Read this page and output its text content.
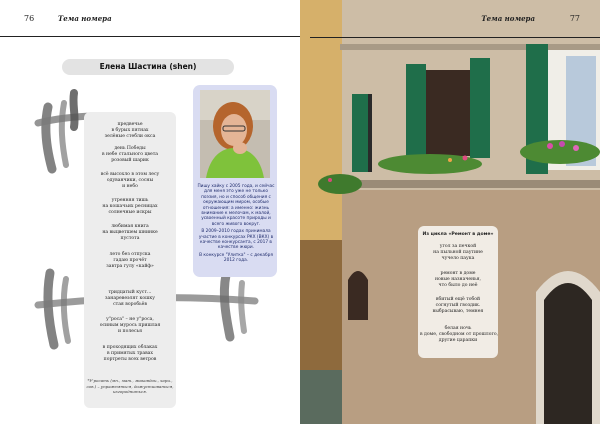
76	Тема номера
Елена Шастина (shen)
предвечье
в бурых пятнах
зелёные стебли окса
день Победы
в небе стального цвета
розовый шарик
всё высохло в этом лесу
одуванчики, сосны
и небо
утренняя тишь
на кошачьих ресницах
солнечные искры
любимая книга
на выцветшем шнинке
пустота
лето без отпуска
гадаю прочёт
завтра гулу «кайф»
тридцатый куст…
занаревеэлят кошку
стая воробьёв
у"роса" – не у"роса,
осиным мурось пришлая
и полесья
в проходящих облаках
в примятых травах
портреты всех ветров
*У'росать (мн., мат., жаковдок., хари., сов.) – упражняться, дожустиоваться, изгородниться.

Пишу хайку с 2005 года, и сейчас для меня это уже не только поэзия, но и способ общения с окружающим миром, особые отношения: а именно: жизнь внимание к мелочам, к малой, усвоенный красоте природы и всего живого вокруг.

В 2009–2010 годах принимала участие в конкурсах РКХ (ВКХ) в качестве конкурсанта, с 2017 в качестве жюри.

В конкурсе "Улитка" – с декабря 2012 года.

Тема номера	77
Из цикла «Ремонт в доме»
угол за печкой
на пыльной паутине
чучело паука
ремонт в доме
новые назначенья,
что было до неё
вбитый ещё тобой
согнутый гвоздик.
выбрасываю, темнея
белая ночь
в доме, свободном от прошлого,
другие царапки
